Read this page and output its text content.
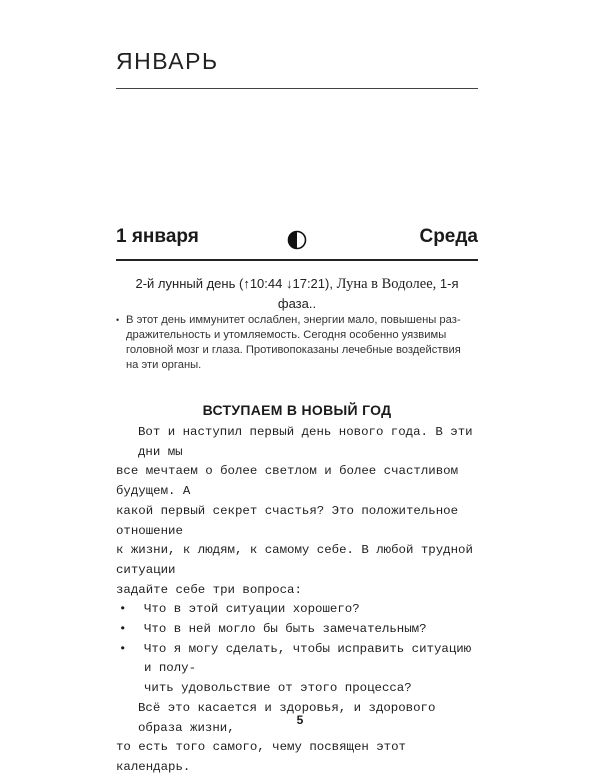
ЯНВАРЬ
1 января	Среда
2-й лунный день (↑10:44 ↓17:21), Луна в Водолее, 1-я
фаза..
• В этот день иммунитет ослаблен, энергии мало, повышены раз-
дражительность и утомляемость. Сегодня особенно уязвимы
головной мозг и глаза. Противопоказаны лечебные воздействия
на эти органы.
ВСТУПАЕМ В НОВЫЙ ГОД

Вот и наступил первый день нового года. В эти дни мы

все мечтаем о более светлом и более счастливом будущем. А

какой первый секрет счастья? Это положительное отношение

к жизни, к людям, к самому себе. В любой трудной ситуации

задайте себе три вопроса:

• Что в этой ситуации хорошего?
• Что в ней могло бы быть замечательным?
• Что я могу сделать, чтобы исправить ситуацию и полу-
чить удовольствие от этого процесса?

Всё это касается и здоровья, и здорового образа жизни,

то есть того самого, чему посвящен этот календарь.

5
